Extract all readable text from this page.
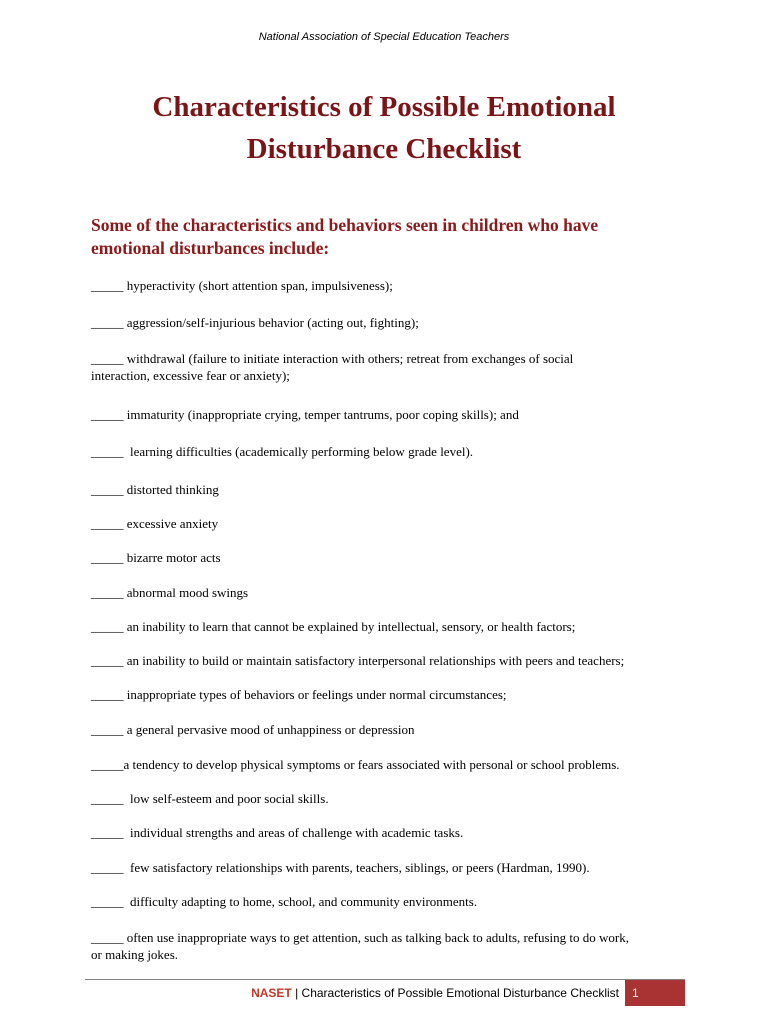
National Association of Special Education Teachers
Characteristics of Possible Emotional
Disturbance Checklist

Some of the characteristics and behaviors seen in children who have
emotional disturbances include:

_____ hyperactivity (short attention span, impulsiveness);

_____ aggression/self-injurious behavior (acting out, fighting);

_____ withdrawal (failure to initiate interaction with others; retreat from exchanges of social
interaction, excessive fear or anxiety);

_____ immaturity (inappropriate crying, temper tantrums, poor coping skills); and

_____  learning difficulties (academically performing below grade level).

_____ distorted thinking

_____ excessive anxiety

_____ bizarre motor acts

_____ abnormal mood swings

_____ an inability to learn that cannot be explained by intellectual, sensory, or health factors;

_____ an inability to build or maintain satisfactory interpersonal relationships with peers and teachers;

_____ inappropriate types of behaviors or feelings under normal circumstances;

_____ a general pervasive mood of unhappiness or depression

_____a tendency to develop physical symptoms or fears associated with personal or school problems.

_____  low self-esteem and poor social skills.

_____  individual strengths and areas of challenge with academic tasks.

_____  few satisfactory relationships with parents, teachers, siblings, or peers (Hardman, 1990).

_____  difficulty adapting to home, school, and community environments.

_____ often use inappropriate ways to get attention, such as talking back to adults, refusing to do work,
or making jokes.

NASET | Characteristics of Possible Emotional Disturbance Checklist	1
